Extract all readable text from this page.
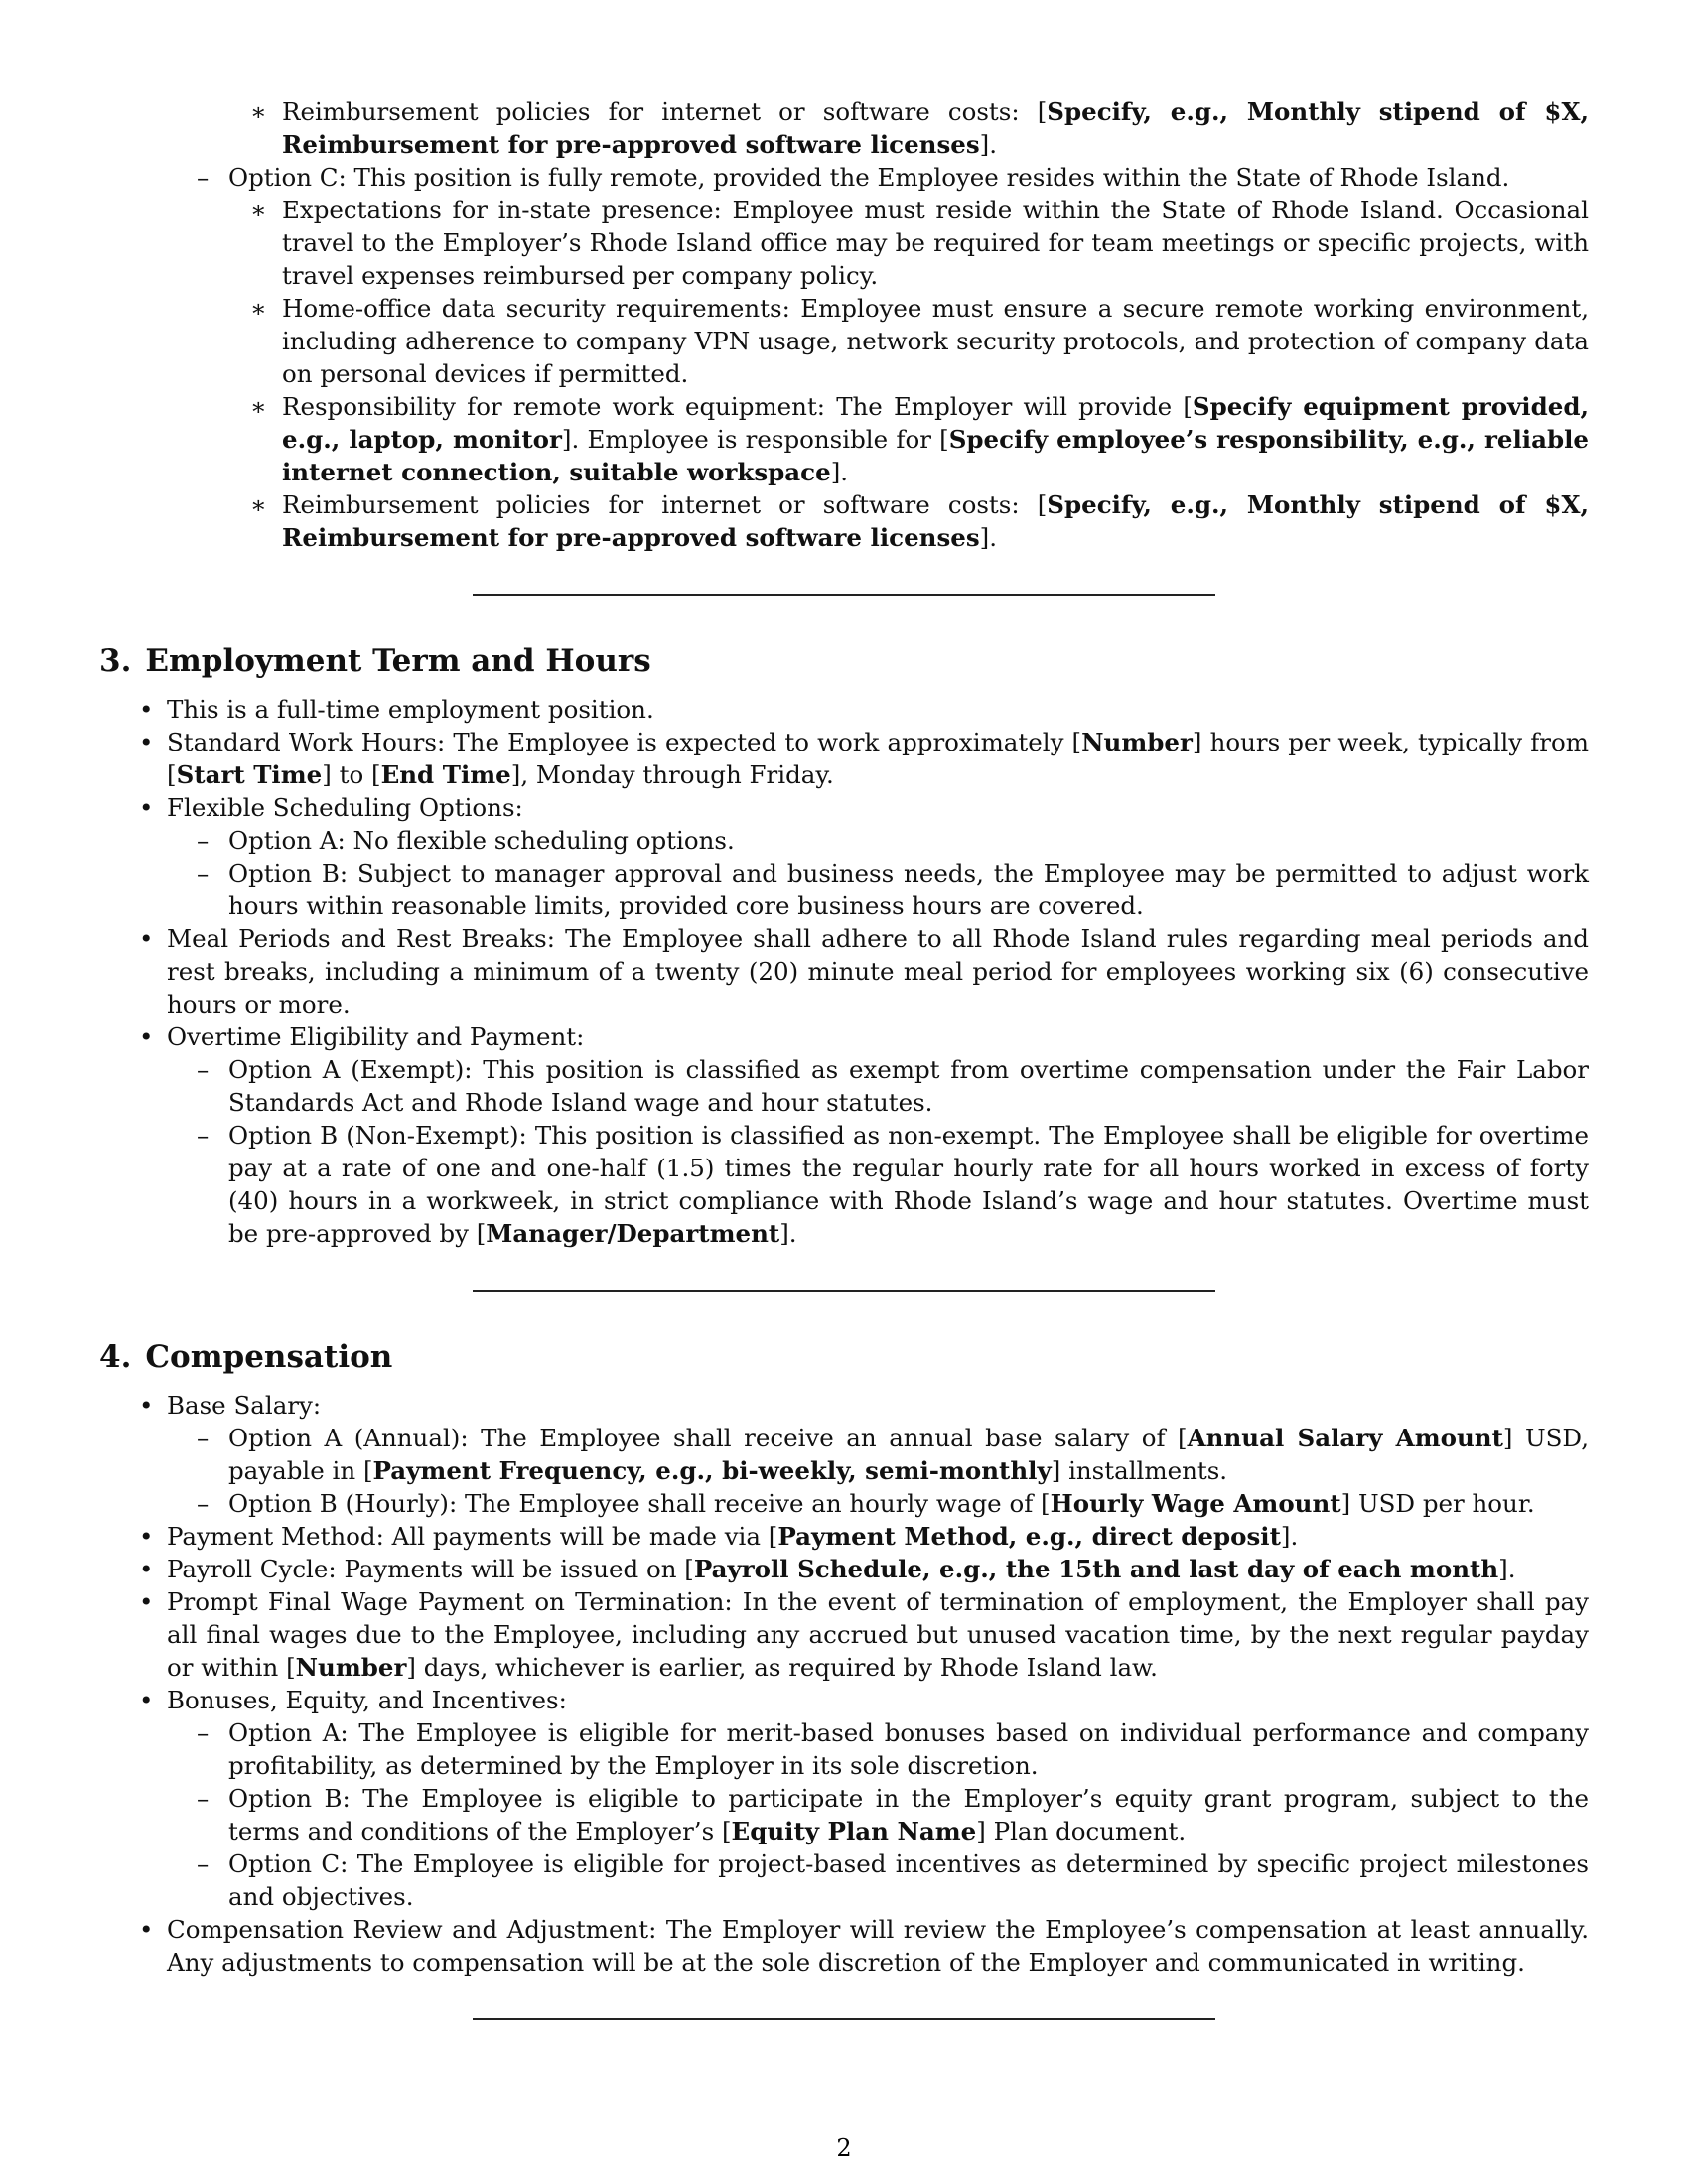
∗ Reimbursement policies for internet or software costs: [Specify, e.g., Monthly stipend of $X, Reimbursement for pre-approved software licenses].
– Option C: This position is fully remote, provided the Employee resides within the State of Rhode Island.
∗ Expectations for in-state presence: Employee must reside within the State of Rhode Island. Occasional travel to the Employer’s Rhode Island office may be required for team meetings or specific projects, with travel expenses reimbursed per company policy.
∗ Home-office data security requirements: Employee must ensure a secure remote working environment, including adherence to company VPN usage, network security protocols, and protection of company data on personal devices if permitted.
∗ Responsibility for remote work equipment: The Employer will provide [Specify equipment provided, e.g., laptop, monitor]. Employee is responsible for [Specify employee’s responsibility, e.g., reliable internet connection, suitable workspace].
∗ Reimbursement policies for internet or software costs: [Specify, e.g., Monthly stipend of $X, Reimbursement for pre-approved software licenses].
3. Employment Term and Hours
• This is a full-time employment position.
• Standard Work Hours: The Employee is expected to work approximately [Number] hours per week, typically from [Start Time] to [End Time], Monday through Friday.
• Flexible Scheduling Options:
– Option A: No flexible scheduling options.
– Option B: Subject to manager approval and business needs, the Employee may be permitted to adjust work hours within reasonable limits, provided core business hours are covered.
• Meal Periods and Rest Breaks: The Employee shall adhere to all Rhode Island rules regarding meal periods and rest breaks, including a minimum of a twenty (20) minute meal period for employees working six (6) consecutive hours or more.
• Overtime Eligibility and Payment:
– Option A (Exempt): This position is classified as exempt from overtime compensation under the Fair Labor Standards Act and Rhode Island wage and hour statutes.
– Option B (Non-Exempt): This position is classified as non-exempt. The Employee shall be eligible for overtime pay at a rate of one and one-half (1.5) times the regular hourly rate for all hours worked in excess of forty (40) hours in a workweek, in strict compliance with Rhode Island’s wage and hour statutes. Overtime must be pre-approved by [Manager/Department].
4. Compensation
• Base Salary:
– Option A (Annual): The Employee shall receive an annual base salary of [Annual Salary Amount] USD, payable in [Payment Frequency, e.g., bi-weekly, semi-monthly] installments.
– Option B (Hourly): The Employee shall receive an hourly wage of [Hourly Wage Amount] USD per hour.
• Payment Method: All payments will be made via [Payment Method, e.g., direct deposit].
• Payroll Cycle: Payments will be issued on [Payroll Schedule, e.g., the 15th and last day of each month].
• Prompt Final Wage Payment on Termination: In the event of termination of employment, the Employer shall pay all final wages due to the Employee, including any accrued but unused vacation time, by the next regular payday or within [Number] days, whichever is earlier, as required by Rhode Island law.
• Bonuses, Equity, and Incentives:
– Option A: The Employee is eligible for merit-based bonuses based on individual performance and company profitability, as determined by the Employer in its sole discretion.
– Option B: The Employee is eligible to participate in the Employer’s equity grant program, subject to the terms and conditions of the Employer’s [Equity Plan Name] Plan document.
– Option C: The Employee is eligible for project-based incentives as determined by specific project milestones and objectives.
• Compensation Review and Adjustment: The Employer will review the Employee’s compensation at least annually. Any adjustments to compensation will be at the sole discretion of the Employer and communicated in writing.
2
